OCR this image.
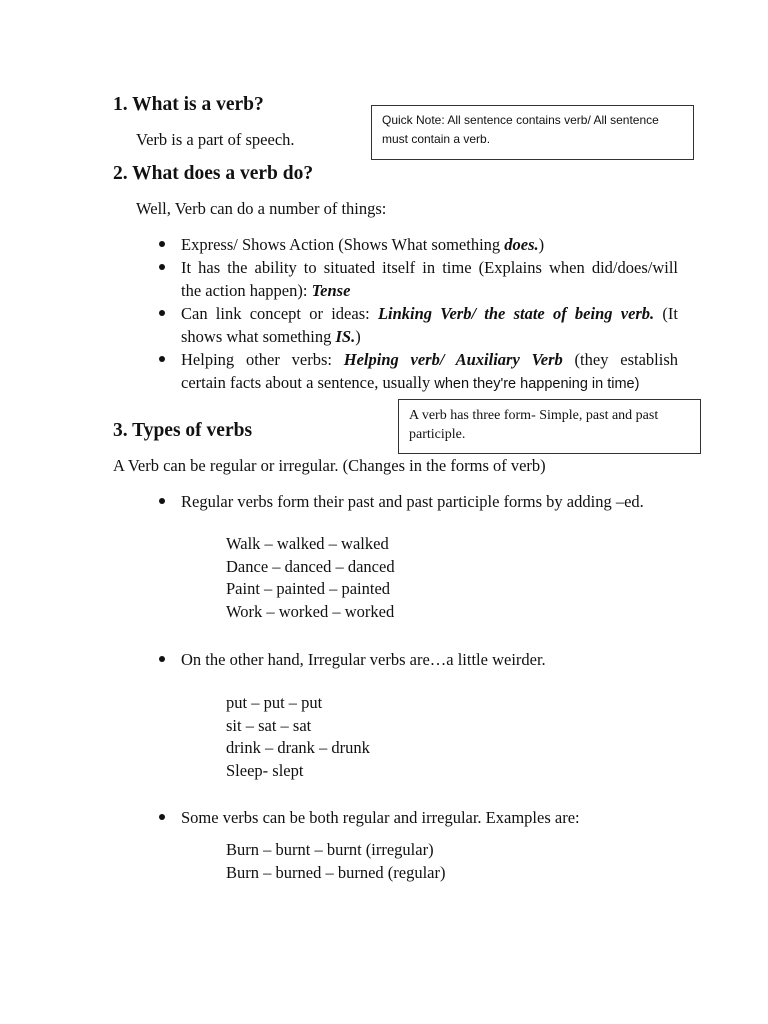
1. What is a verb?
Verb is a part of speech.
Quick Note: All sentence contains verb/ All sentence
must contain a verb.
2. What does a verb do?
Well, Verb can do a number of things:
Express/ Shows Action (Shows What something does.)
It has the ability to situated itself in time (Explains when did/does/will
the action happen): Tense
Can link concept or ideas: Linking Verb/ the state of being verb. (It
shows what something IS.)
Helping other verbs: Helping verb/ Auxiliary Verb (they establish
certain facts about a sentence, usually when they're happening in time)
A verb has three form- Simple, past and past
participle.
3. Types of verbs
A Verb can be regular or irregular. (Changes in the forms of verb)
Regular verbs form their past and past participle forms by adding –ed.
Walk – walked – walked
Dance – danced – danced
Paint – painted – painted
Work – worked – worked
On the other hand, Irregular verbs are…a little weirder.
put – put – put
sit – sat – sat
drink – drank – drunk
Sleep- slept
Some verbs can be both regular and irregular. Examples are:
Burn – burnt – burnt (irregular)
Burn – burned – burned (regular)
